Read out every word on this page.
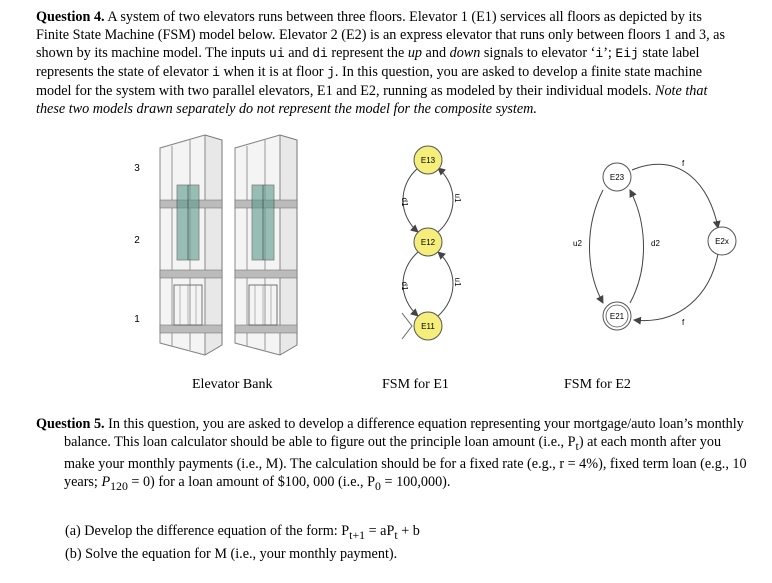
Question 4. A system of two elevators runs between three floors. Elevator 1 (E1) services all floors as depicted by its Finite State Machine (FSM) model below. Elevator 2 (E2) is an express elevator that runs only between floors 1 and 3, as shown by its machine model. The inputs ui and di represent the up and down signals to elevator ‘i’; Eij state label represents the state of elevator i when it is at floor j. In this question, you are asked to develop a finite state machine model for the system with two parallel elevators, E1 and E2, running as modeled by their individual models. Note that these two models drawn separately do not represent the model for the composite system.
3
2
1
d1	u1
d1	u1
E13
E12
E11
u2	d2
f
f
E23
E21
E2x
Elevator Bank	FSM for E1	FSM for E2
Question 5. In this question, you are asked to develop a difference equation representing your mortgage/auto loan’s monthly balance. This loan calculator should be able to figure out the principle loan amount (i.e., $P_t$) at each month after you make your monthly payments (i.e., M). The calculation should be for a fixed rate (e.g., r = 4%), fixed term loan (e.g., 10 years; $P_{120} = 0$) for a loan amount of $100, 000 (i.e., $P_0 = 100,000$).
(a) Develop the difference equation of the form: $P_{t+1} = aP_t + b$
(b) Solve the equation for M (i.e., your monthly payment).
